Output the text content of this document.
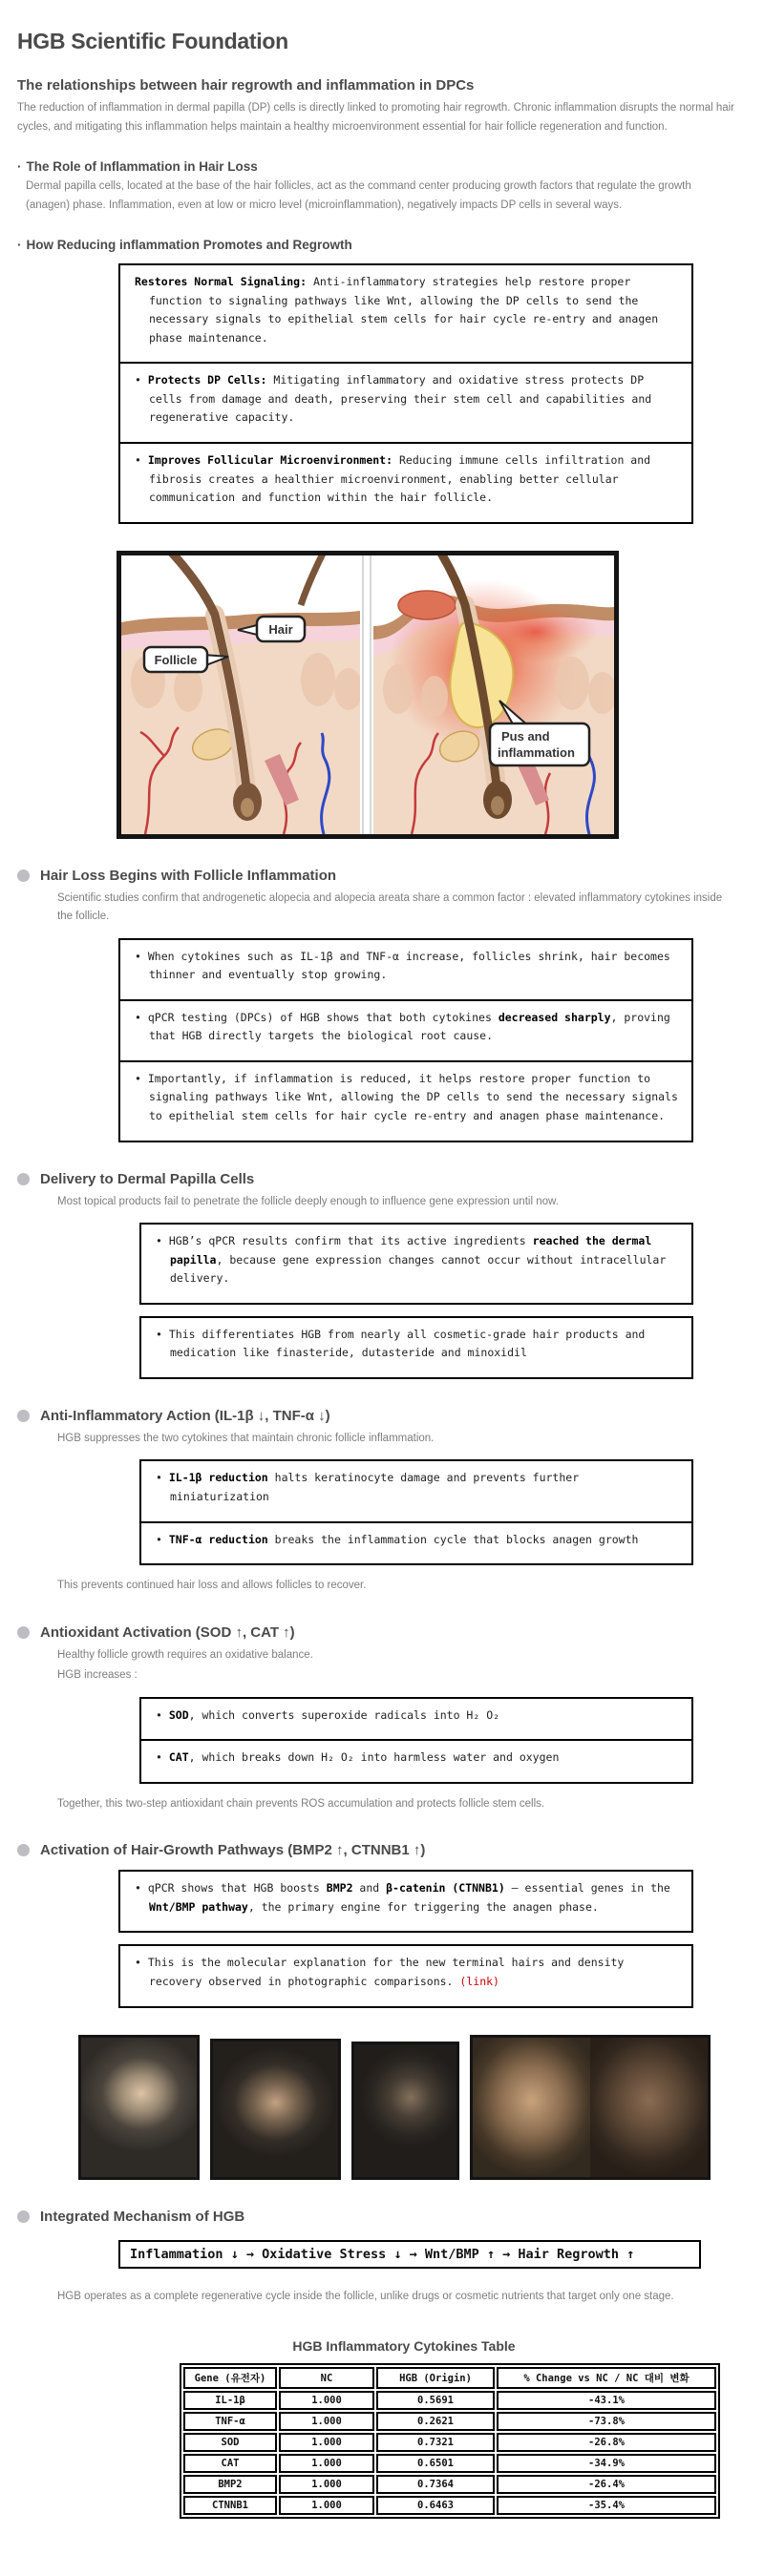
HGB Scientific Foundation
The relationships between hair regrowth and inflammation in DPCs

The reduction of inflammation in dermal papilla (DP) cells is directly linked to promoting hair regrowth. Chronic inflammation disrupts the normal hair cycles, and mitigating this inflammation helps maintain a healthy microenvironment essential for hair follicle regeneration and function.

· The Role of Inflammation in Hair Loss

Dermal papilla cells, located at the base of the hair follicles, act as the command center producing growth factors that regulate the growth (anagen) phase. Inflammation, even at low or micro level (microinflammation), negatively impacts DP cells in several ways.

· How Reducing inflammation Promotes and Regrowth
Restores Normal Signaling: Anti-inflammatory strategies help restore proper function to signaling pathways like Wnt, allowing the DP cells to send the necessary signals to epithelial stem cells for hair cycle re-entry and anagen phase maintenance.
• Protects DP Cells: Mitigating inflammatory and oxidative stress protects DP cells from damage and death, preserving their stem cell and capabilities and regenerative capacity.
• Improves Follicular Microenvironment: Reducing immune cells infiltration and fibrosis creates a healthier microenvironment, enabling better cellular communication and function within the hair follicle.
Hair
Follicle
Pus and
inflammation
Hair Loss Begins with Follicle Inflammation

Scientific studies confirm that androgenetic alopecia and alopecia areata share a common factor : elevated inflammatory cytokines inside the follicle.

• When cytokines such as IL-1β and TNF-α increase, follicles shrink, hair becomes thinner and eventually stop growing.
• qPCR testing (DPCs) of HGB shows that both cytokines decreased sharply, proving that HGB directly targets the biological root cause.
• Importantly, if inflammation is reduced, it helps restore proper function to signaling pathways like Wnt, allowing the DP cells to send the necessary signals to epithelial stem cells for hair cycle re-entry and anagen phase maintenance.
Delivery to Dermal Papilla Cells

Most topical products fail to penetrate the follicle deeply enough to influence gene expression until now.

• HGB’s qPCR results confirm that its active ingredients reached the dermal papilla, because gene expression changes cannot occur without intracellular delivery.
• This differentiates HGB from nearly all cosmetic-grade hair products and medication like finasteride, dutasteride and minoxidil
Anti-Inflammatory Action (IL-1β ↓, TNF-α ↓)

HGB suppresses the two cytokines that maintain chronic follicle inflammation.

• IL-1β reduction halts keratinocyte damage and prevents further miniaturization
• TNF-α reduction breaks the inflammation cycle that blocks anagen growth

This prevents continued hair loss and allows follicles to recover.

Antioxidant Activation (SOD ↑, CAT ↑)

Healthy follicle growth requires an oxidative balance.

HGB increases :

• SOD, which converts superoxide radicals into H₂ O₂
• CAT, which breaks down H₂ O₂ into harmless water and oxygen

Together, this two-step antioxidant chain prevents ROS accumulation and protects follicle stem cells.

Activation of Hair-Growth Pathways (BMP2 ↑, CTNNB1 ↑)
• qPCR shows that HGB boosts BMP2 and β-catenin (CTNNB1) — essential genes in the Wnt/BMP pathway, the primary engine for triggering the anagen phase.
• This is the molecular explanation for the new terminal hairs and density recovery observed in photographic comparisons. (link)
Integrated Mechanism of HGB
Inflammation ↓ → Oxidative Stress ↓ → Wnt/BMP ↑ → Hair Regrowth ↑

HGB operates as a complete regenerative cycle inside the follicle, unlike drugs or cosmetic nutrients that target only one stage.

HGB Inflammatory Cytokines Table
Gene (유전자)	NC	HGB (Origin)	% Change vs NC / NC 대비 변화
IL-1β	1.000	0.5691	-43.1%
TNF-α	1.000	0.2621	-73.8%
SOD	1.000	0.7321	-26.8%
CAT	1.000	0.6501	-34.9%
BMP2	1.000	0.7364	-26.4%
CTNNB1	1.000	0.6463	-35.4%
